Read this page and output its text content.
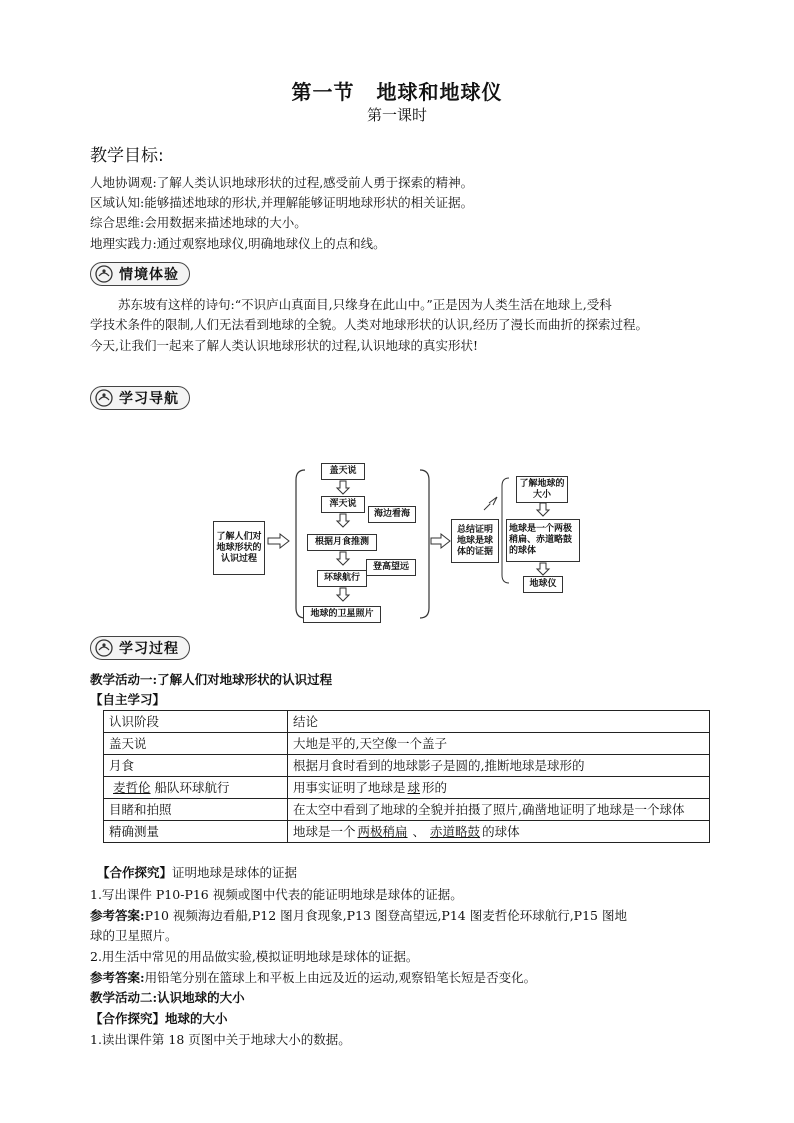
第一节 地球和地球仪
第一课时
教学目标:
人地协调观:了解人类认识地球形状的过程,感受前人勇于探索的精神。
区域认知:能够描述地球的形状,并理解能够证明地球形状的相关证据。
综合思维:会用数据来描述地球的大小。
地理实践力:通过观察地球仪,明确地球仪上的点和线。
情境体验
苏东坡有这样的诗句:“不识庐山真面目,只缘身在此山中。”正是因为人类生活在地球上,受科
学技术条件的限制,人们无法看到地球的全貌。人类对地球形状的认识,经历了漫长而曲折的探索过程。
今天,让我们一起来了解人类认识地球形状的过程,认识地球的真实形状!
学习导航
了解人们对地球形状的认识过程
盖天说
浑天说
海边看海
根据月食推测
登高望远
环球航行
地球的卫星照片
总结证明地球是球体的证据
了解地球的大小
地球是一个两极稍扁、赤道略鼓的球体
地球仪
学习过程
教学活动一:了解人们对地球形状的认识过程
【自主学习】
认识阶段	结论
盖天说	大地是平的,天空像一个盖子
月食	根据月食时看到的地球影子是圆的,推断地球是球形的
麦哲伦 船队环球航行	用事实证明了地球是 球 形的
目睹和拍照	在太空中看到了地球的全貌并拍摄了照片,确凿地证明了地球是一个球体
精确测量	地球是一个 两极稍扁 、 赤道略鼓 的球体
【合作探究】证明地球是球体的证据
1.写出课件 P10-P16 视频或图中代表的能证明地球是球体的证据。
参考答案:P10 视频海边看船,P12 图月食现象,P13 图登高望远,P14 图麦哲伦环球航行,P15 图地
球的卫星照片。
2.用生活中常见的用品做实验,模拟证明地球是球体的证据。
参考答案:用铅笔分别在篮球上和平板上由远及近的运动,观察铅笔长短是否变化。
教学活动二:认识地球的大小
【合作探究】地球的大小
1.读出课件第 18 页图中关于地球大小的数据。
